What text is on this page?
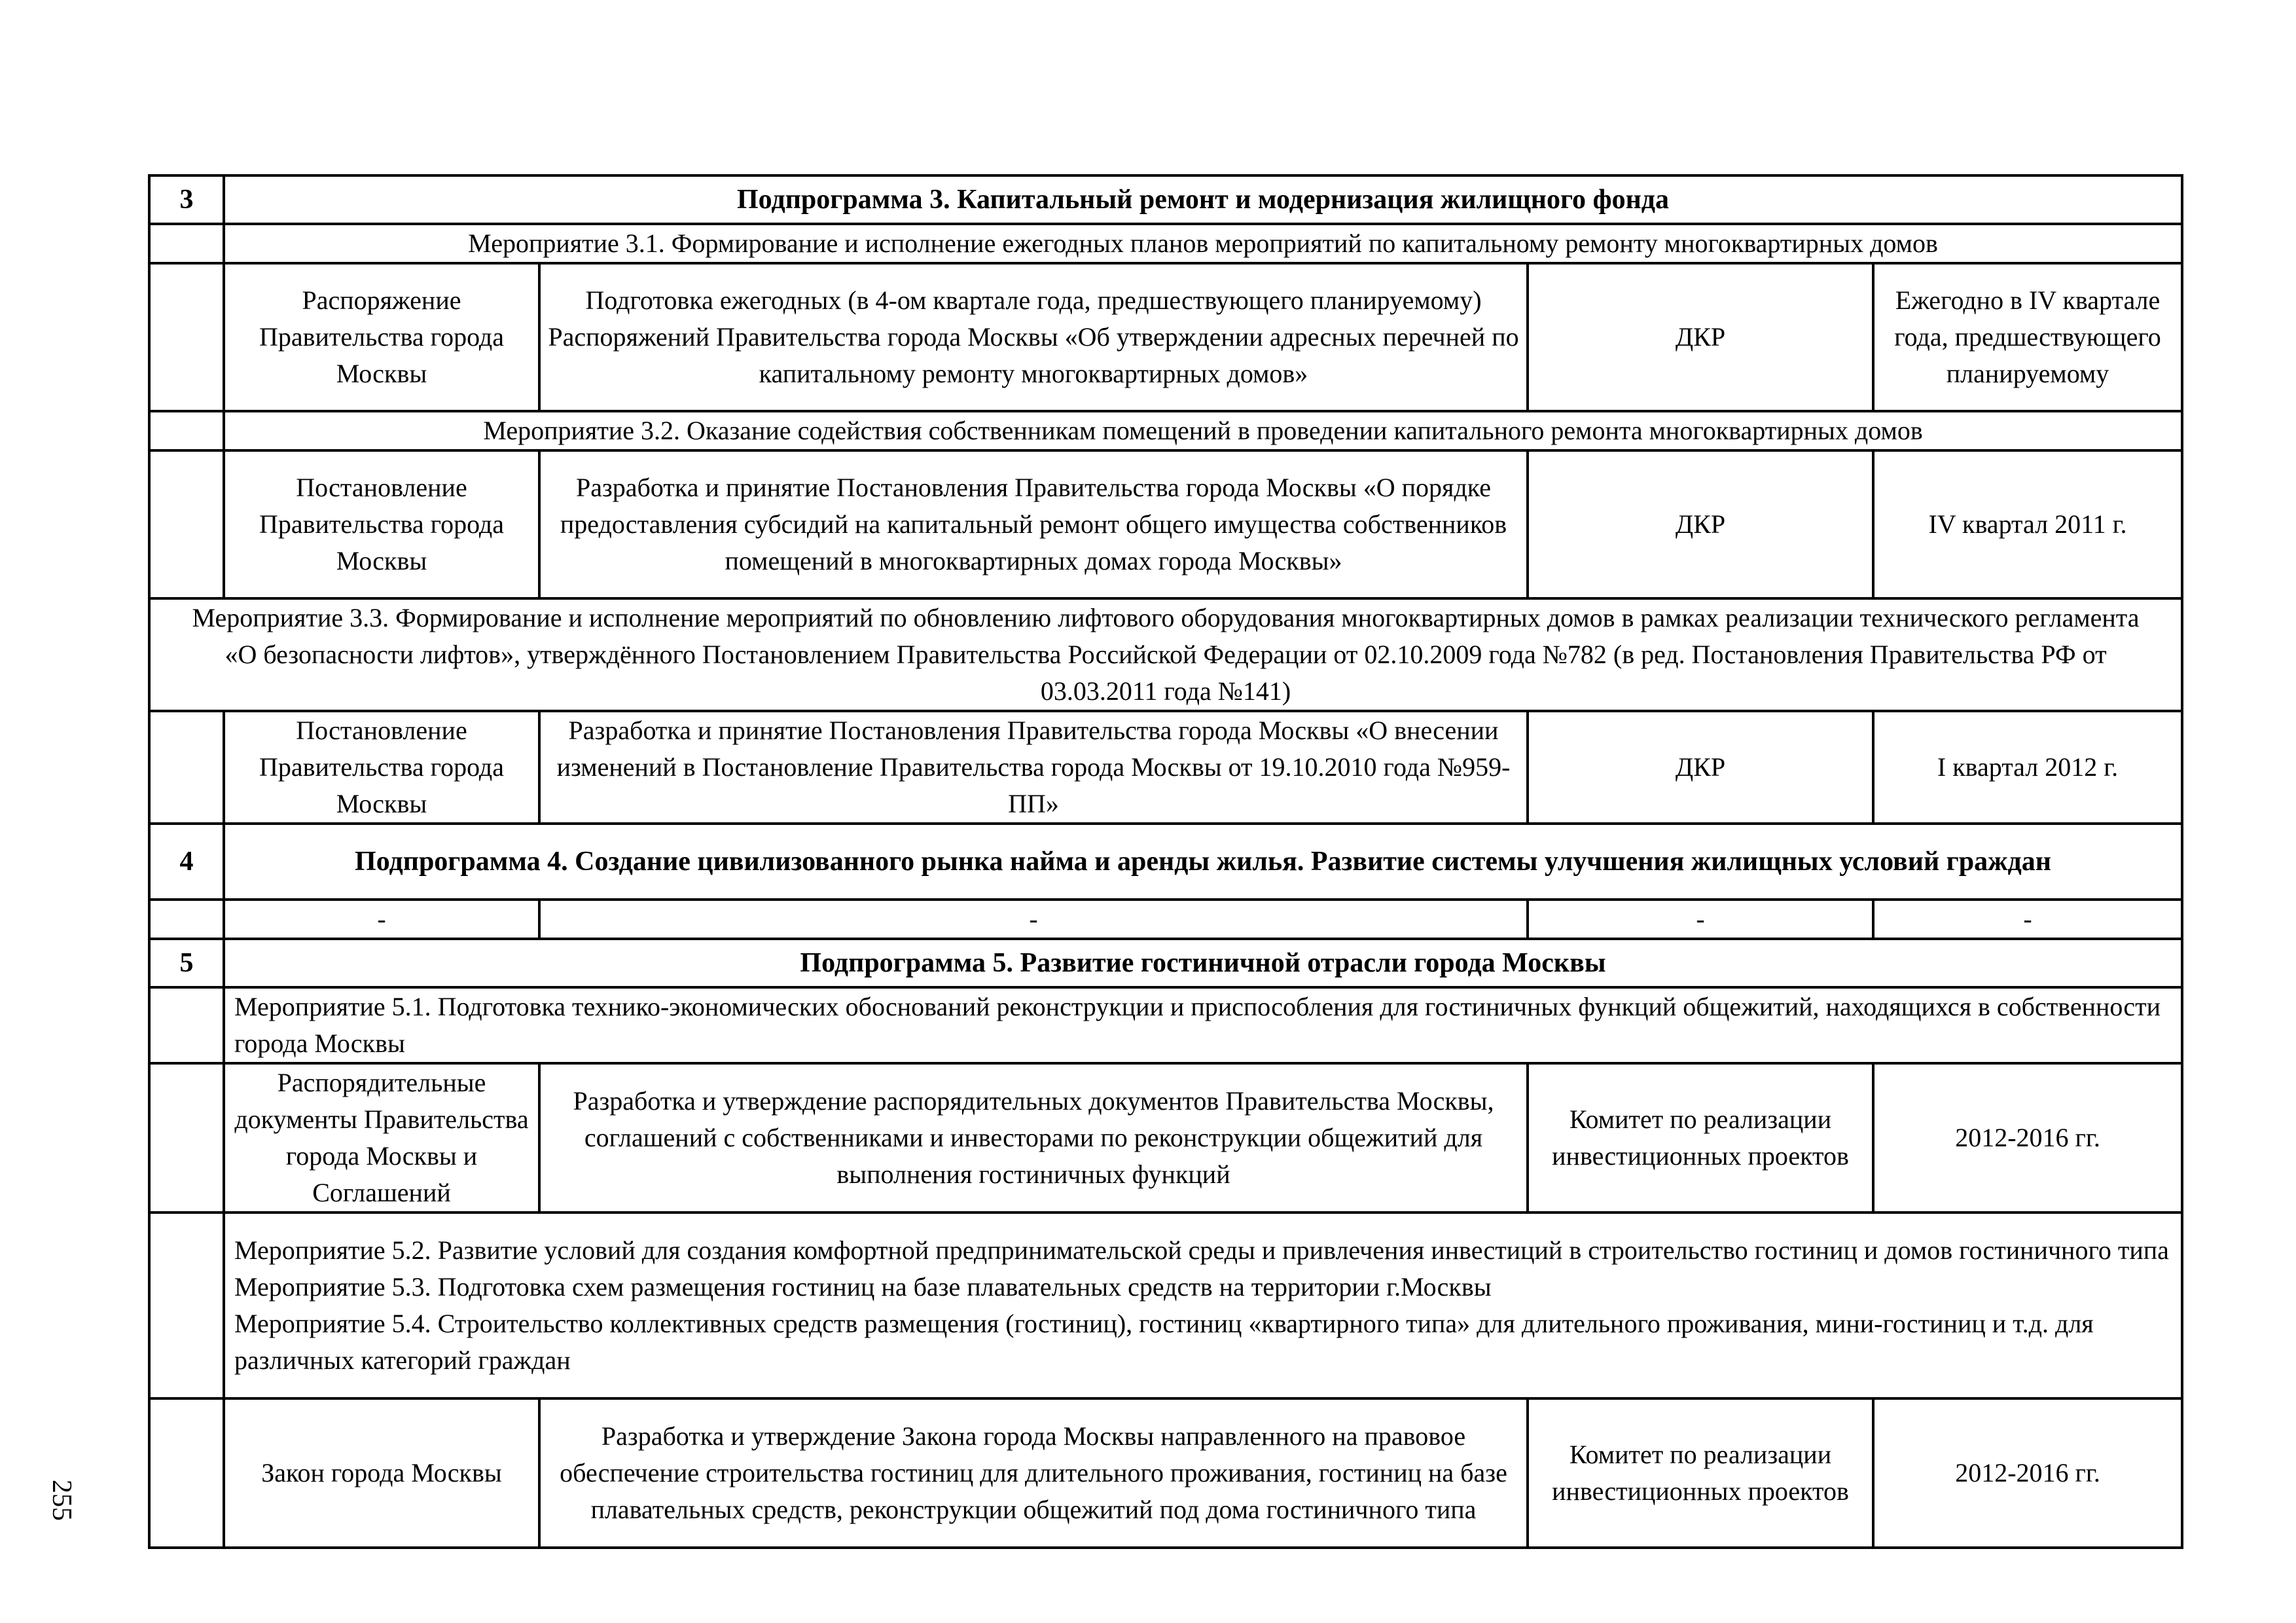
3	Подпрограмма 3. Капитальный ремонт и модернизация жилищного фонда			
	Мероприятие 3.1. Формирование и исполнение ежегодных планов мероприятий по капитальному ремонту многоквартирных домов			
	Распоряжение Правительства города Москвы	Подготовка ежегодных (в 4-ом квартале года, предшествующего планируемому) Распоряжений Правительства города Москвы «Об утверждении адресных перечней по капитальному ремонту многоквартирных домов»	ДКР	Ежегодно в IV квартале года, предшествующего планируемому
	Мероприятие 3.2. Оказание содействия собственникам помещений в проведении капитального ремонта многоквартирных домов			
	Постановление Правительства города Москвы	Разработка и принятие Постановления Правительства города Москвы «О порядке предоставления субсидий на капитальный ремонт общего имущества собственников помещений в многоквартирных домах города Москвы»	ДКР	IV квартал 2011 г.
Мероприятие 3.3. Формирование и исполнение мероприятий по обновлению лифтового оборудования многоквартирных домов в рамках реализации технического регламента «О безопасности лифтов», утверждённого Постановлением Правительства Российской Федерации от 02.10.2009 года №782 (в ред. Постановления Правительства РФ от 03.03.2011 года №141)				
	Постановление Правительства города Москвы	Разработка и принятие Постановления Правительства города Москвы «О внесении изменений в Постановление Правительства города Москвы от 19.10.2010 года №959-ПП»	ДКР	I квартал 2012 г.
4	Подпрограмма 4. Создание цивилизованного рынка найма и аренды жилья. Развитие системы улучшения жилищных условий граждан			
	-	-	-	-
5	Подпрограмма 5. Развитие гостиничной отрасли города Москвы			
	Мероприятие 5.1. Подготовка технико-экономических обоснований реконструкции и приспособления для гостиничных функций общежитий, находящихся в собственности города Москвы			
	Распорядительные документы Правительства города Москвы и Соглашений	Разработка и утверждение распорядительных документов Правительства Москвы, соглашений с собственниками и инвесторами по реконструкции общежитий для выполнения гостиничных функций	Комитет по реализации инвестиционных проектов	2012-2016 гг.

	Мероприятие 5.2. Развитие условий для создания комфортной предпринимательской среды и привлечения инвестиций в строительство гостиниц и домов гостиничного типа
Мероприятие 5.3. Подготовка схем размещения гостиниц на базе плавательных средств на территории г.Москвы
Мероприятие 5.4. Строительство коллективных средств размещения (гостиниц), гостиниц «квартирного типа» для длительного проживания, мини-гостиниц и т.д. для различных категорий граждан			

	Закон города Москвы	Разработка и утверждение Закона города Москвы направленного на правовое обеспечение строительства гостиниц для длительного проживания, гостиниц на базе плавательных средств, реконструкции общежитий под дома гостиничного типа	Комитет по реализации инвестиционных проектов	2012-2016 гг.
255
